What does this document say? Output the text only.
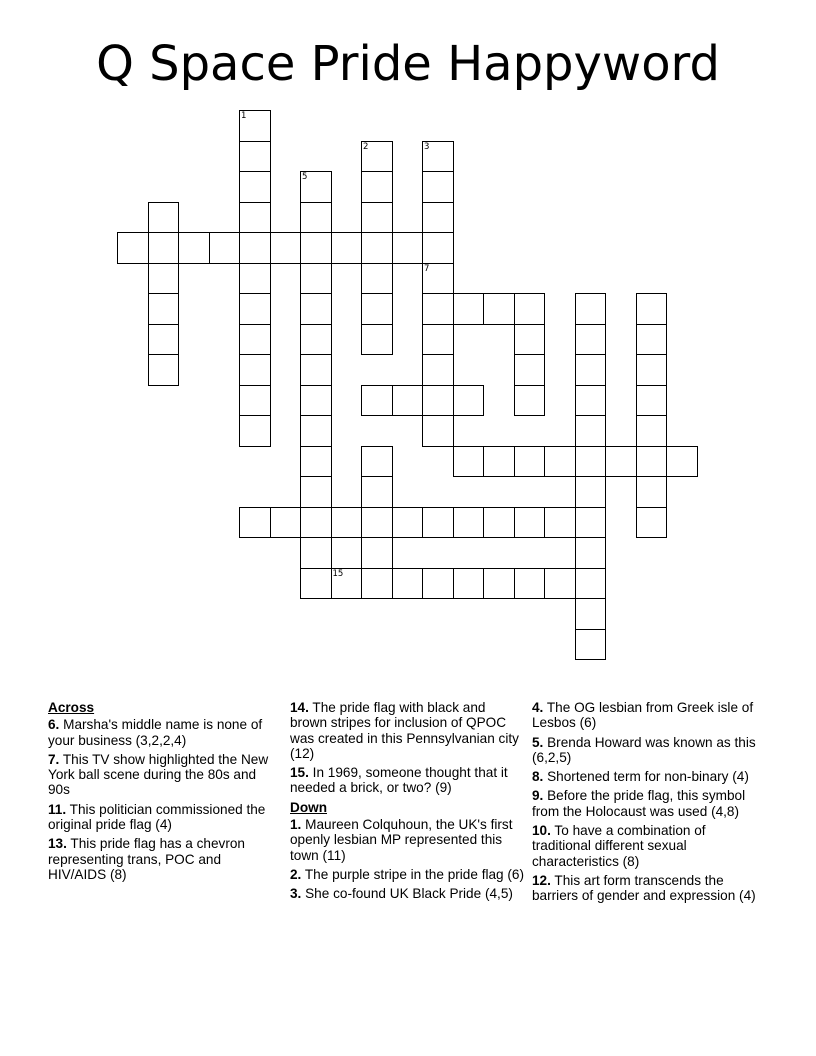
Q Space Pride Happyword
1
5
2	3
7
15
Across
6. Marsha's middle name is none of your business (3,2,2,4)
7. This TV show highlighted the New York ball scene during the 80s and 90s
11. This politician commissioned the original pride flag (4)
13. This pride flag has a chevron representing trans, POC and HIV/AIDS (8)
14. The pride flag with black and brown stripes for inclusion of QPOC was created in this Pennsylvanian city (12)
15. In 1969, someone thought that it needed a brick, or two? (9)
Down
1. Maureen Colquhoun, the UK's first openly lesbian MP represented this town (11)
2. The purple stripe in the pride flag (6)
3. She co-found UK Black Pride (4,5)
4. The OG lesbian from Greek isle of Lesbos (6)
5. Brenda Howard was known as this (6,2,5)
8. Shortened term for non-binary (4)
9. Before the pride flag, this symbol from the Holocaust was used (4,8)
10. To have a combination of traditional different sexual characteristics (8)
12. This art form transcends the barriers of gender and expression (4)
